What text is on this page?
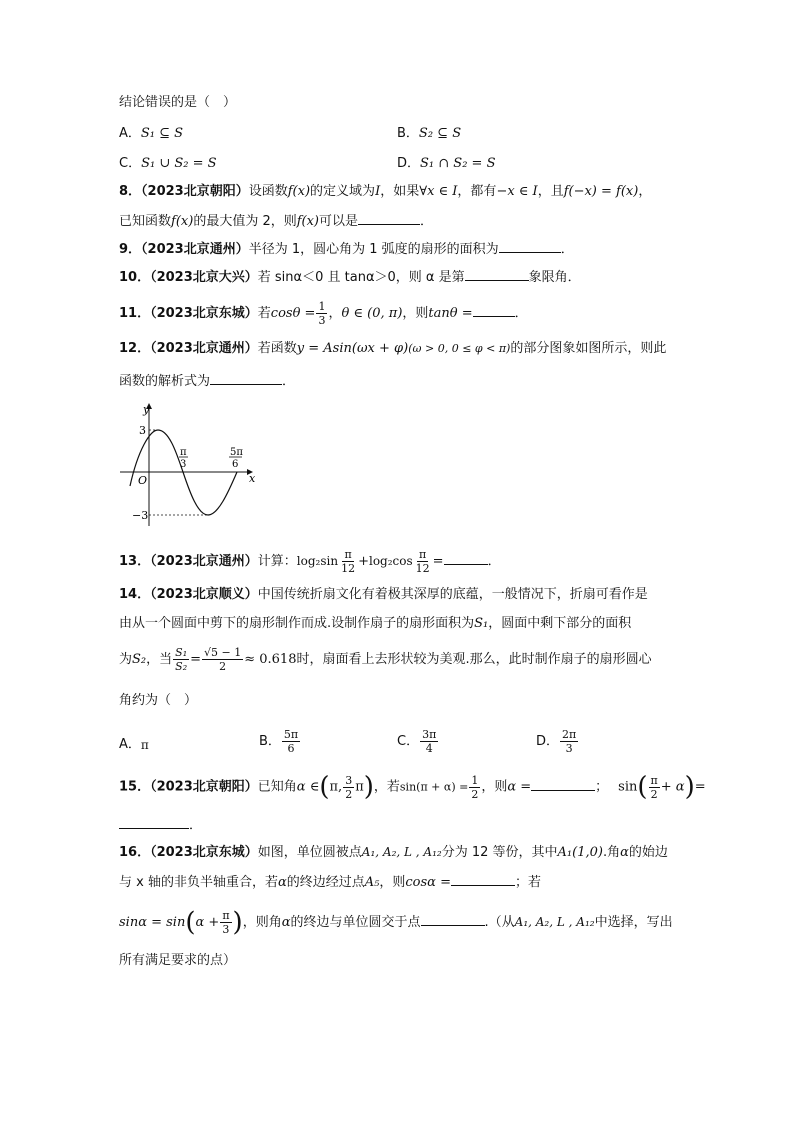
结论错误的是（　）
A．S₁ ⊆ S	B．S₂ ⊆ S
C．S₁ ∪ S₂ = S	D．S₁ ∩ S₂ = S
8．（2023北京朝阳）设函数f(x)的定义域为I，如果∀x ∈ I，都有−x ∈ I，且f(−x) = f(x)，
已知函数f(x)的最大值为 2，则f(x)可以是	．
9．（2023北京通州）半径为 1，圆心角为 1 弧度的扇形的面积为	．
10．（2023北京大兴）若 sinα＜0 且 tanα＞0，则 α 是第	象限角．
11．（2023北京东城）若$\cos\theta = \frac{1}{3}$ ，θ ∈ (0, π)，则tanθ =	．
12．（2023北京通州）若函数y = Asin(ωx + φ)(ω > 0, 0 ≤ φ < π)的部分图象如图所示，则此
函数的解析式为	．
y
x
O
3
−3
π
3
5π
6
13．（2023北京通州）计算：$\log_2\sin \frac{\pi}{12} +\log_2\cos \frac{\pi}{12}$ =	．
14．（2023北京顺义）中国传统折扇文化有着极其深厚的底蕴，一般情况下，折扇可看作是
由从一个圆面中剪下的扇形制作而成.设制作扇子的扇形面积为S₁，圆面中剩下部分的面积
为S₂，当 $\frac{\text{S₁}}{\text{S₂}} = \frac{√5 - 1}{2} \approx 0.618$时，扇面看上去形状较为美观.那么，此时制作扇子的扇形圆心
角约为（　）
A．π	B． $\frac{5\pi}{6}$	C． $\frac{3\pi}{4}$	D． $\frac{2\pi}{3}$
15．（2023北京朝阳）已知角α ∈(π, $\frac{3}{2} \pi$)，若$\sin(\pi + \alpha) = \frac{1}{2}$ ，则α =	； $\sin( \frac{\pi}{2} + \alpha)=$
．
16．（2023北京东城）如图，单位圆被点A₁, A₂, L , A₁₂分为 12 等份，其中A₁(1,0).角α的始边
与 x 轴的非负半轴重合，若α的终边经过点A₅，则cosα =	；若
$\sin\alpha = \sin(\alpha + \frac{\pi}{3}$ )，则角α的终边与单位圆交于点	.（从A₁, A₂, L , A₁₂中选择，写出
所有满足要求的点）
